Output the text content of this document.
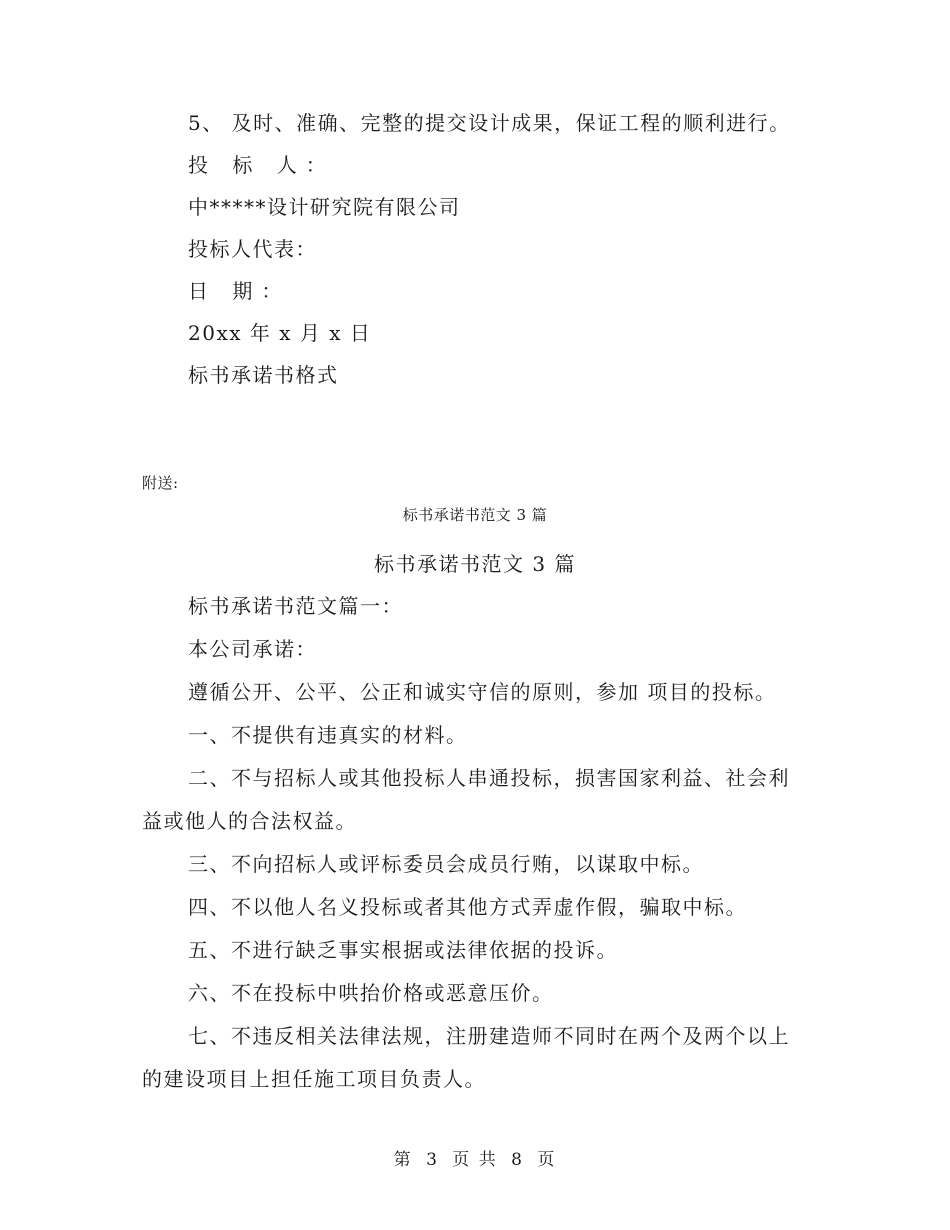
5、 及时、准确、完整的提交设计成果，保证工程的顺利进行。
投 标 人：
中*****设计研究院有限公司
投标人代表：
日 期：
20xx 年 x 月 x 日
标书承诺书格式
附送:
标书承诺书范文 3 篇
标书承诺书范文 3 篇
标书承诺书范文篇一：
本公司承诺：
遵循公开、公平、公正和诚实守信的原则，参加 项目的投标。
一、不提供有违真实的材料。
二、不与招标人或其他投标人串通投标，损害国家利益、社会利
益或他人的合法权益。
三、不向招标人或评标委员会成员行贿，以谋取中标。
四、不以他人名义投标或者其他方式弄虚作假，骗取中标。
五、不进行缺乏事实根据或法律依据的投诉。
六、不在投标中哄抬价格或恶意压价。
七、不违反相关法律法规，注册建造师不同时在两个及两个以上
的建设项目上担任施工项目负责人。
第 3 页 共 8 页
